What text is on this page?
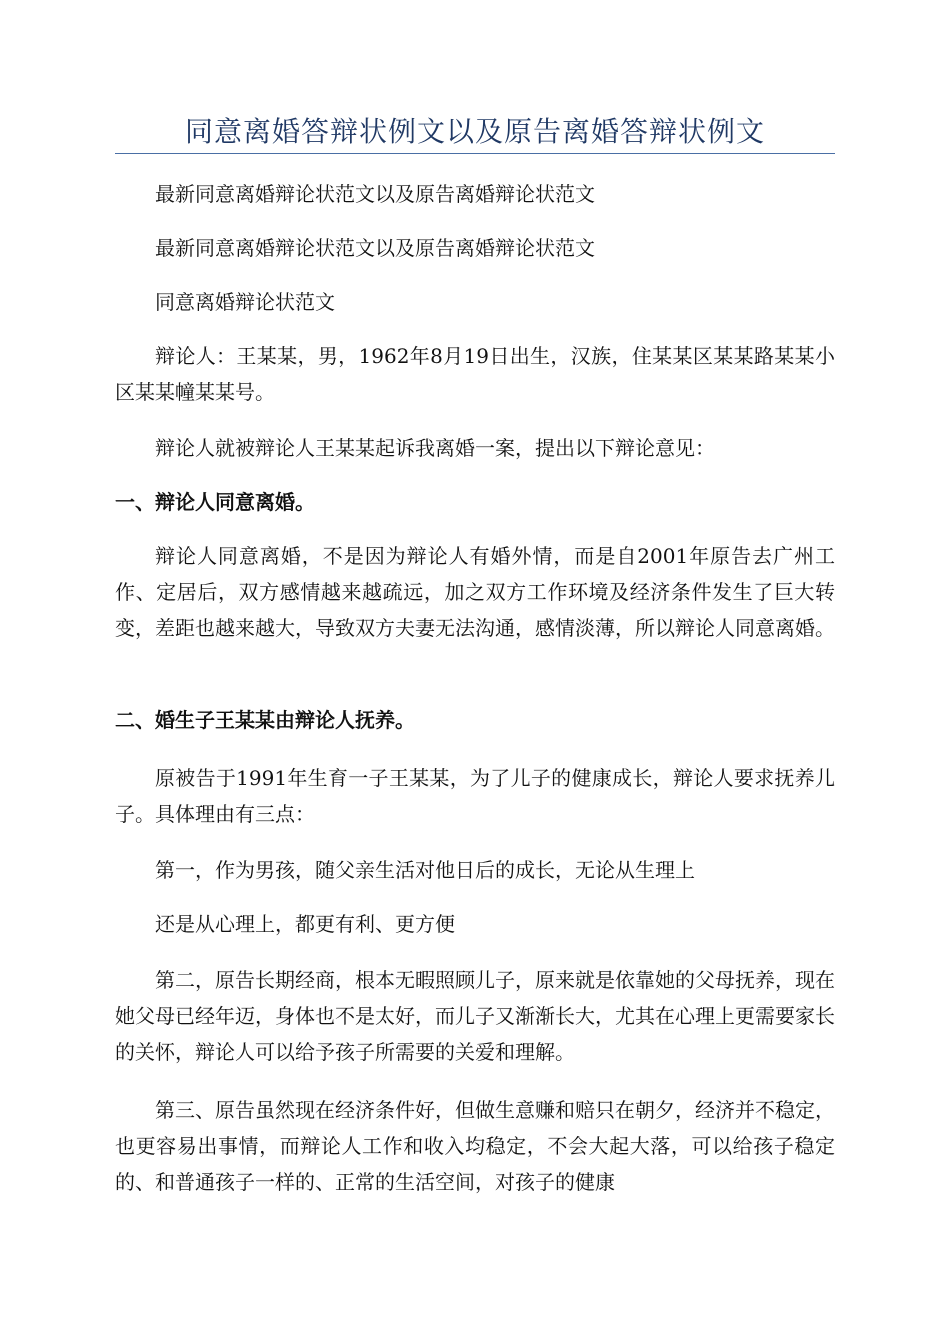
同意离婚答辩状例文以及原告离婚答辩状例文

最新同意离婚辩论状范文以及原告离婚辩论状范文

最新同意离婚辩论状范文以及原告离婚辩论状范文

同意离婚辩论状范文

辩论人：王某某，男，1962年8月19日出生，汉族，住某某区某某路某某小区某某幢某某号。

辩论人就被辩论人王某某起诉我离婚一案，提出以下辩论意见：

一、辩论人同意离婚。

辩论人同意离婚，不是因为辩论人有婚外情，而是自2001年原告去广州工作、定居后，双方感情越来越疏远，加之双方工作环境及经济条件发生了巨大转变，差距也越来越大，导致双方夫妻无法沟通，感情淡薄，所以辩论人同意离婚。

二、婚生子王某某由辩论人抚养。

原被告于1991年生育一子王某某，为了儿子的健康成长，辩论人要求抚养儿子。具体理由有三点：

第一，作为男孩，随父亲生活对他日后的成长，无论从生理上

还是从心理上，都更有利、更方便

第二，原告长期经商，根本无暇照顾儿子，原来就是依靠她的父母抚养，现在她父母已经年迈，身体也不是太好，而儿子又渐渐长大，尤其在心理上更需要家长的关怀，辩论人可以给予孩子所需要的关爱和理解。

第三、原告虽然现在经济条件好，但做生意赚和赔只在朝夕，经济并不稳定，也更容易出事情，而辩论人工作和收入均稳定，不会大起大落，可以给孩子稳定的、和普通孩子一样的、正常的生活空间，对孩子的健康
